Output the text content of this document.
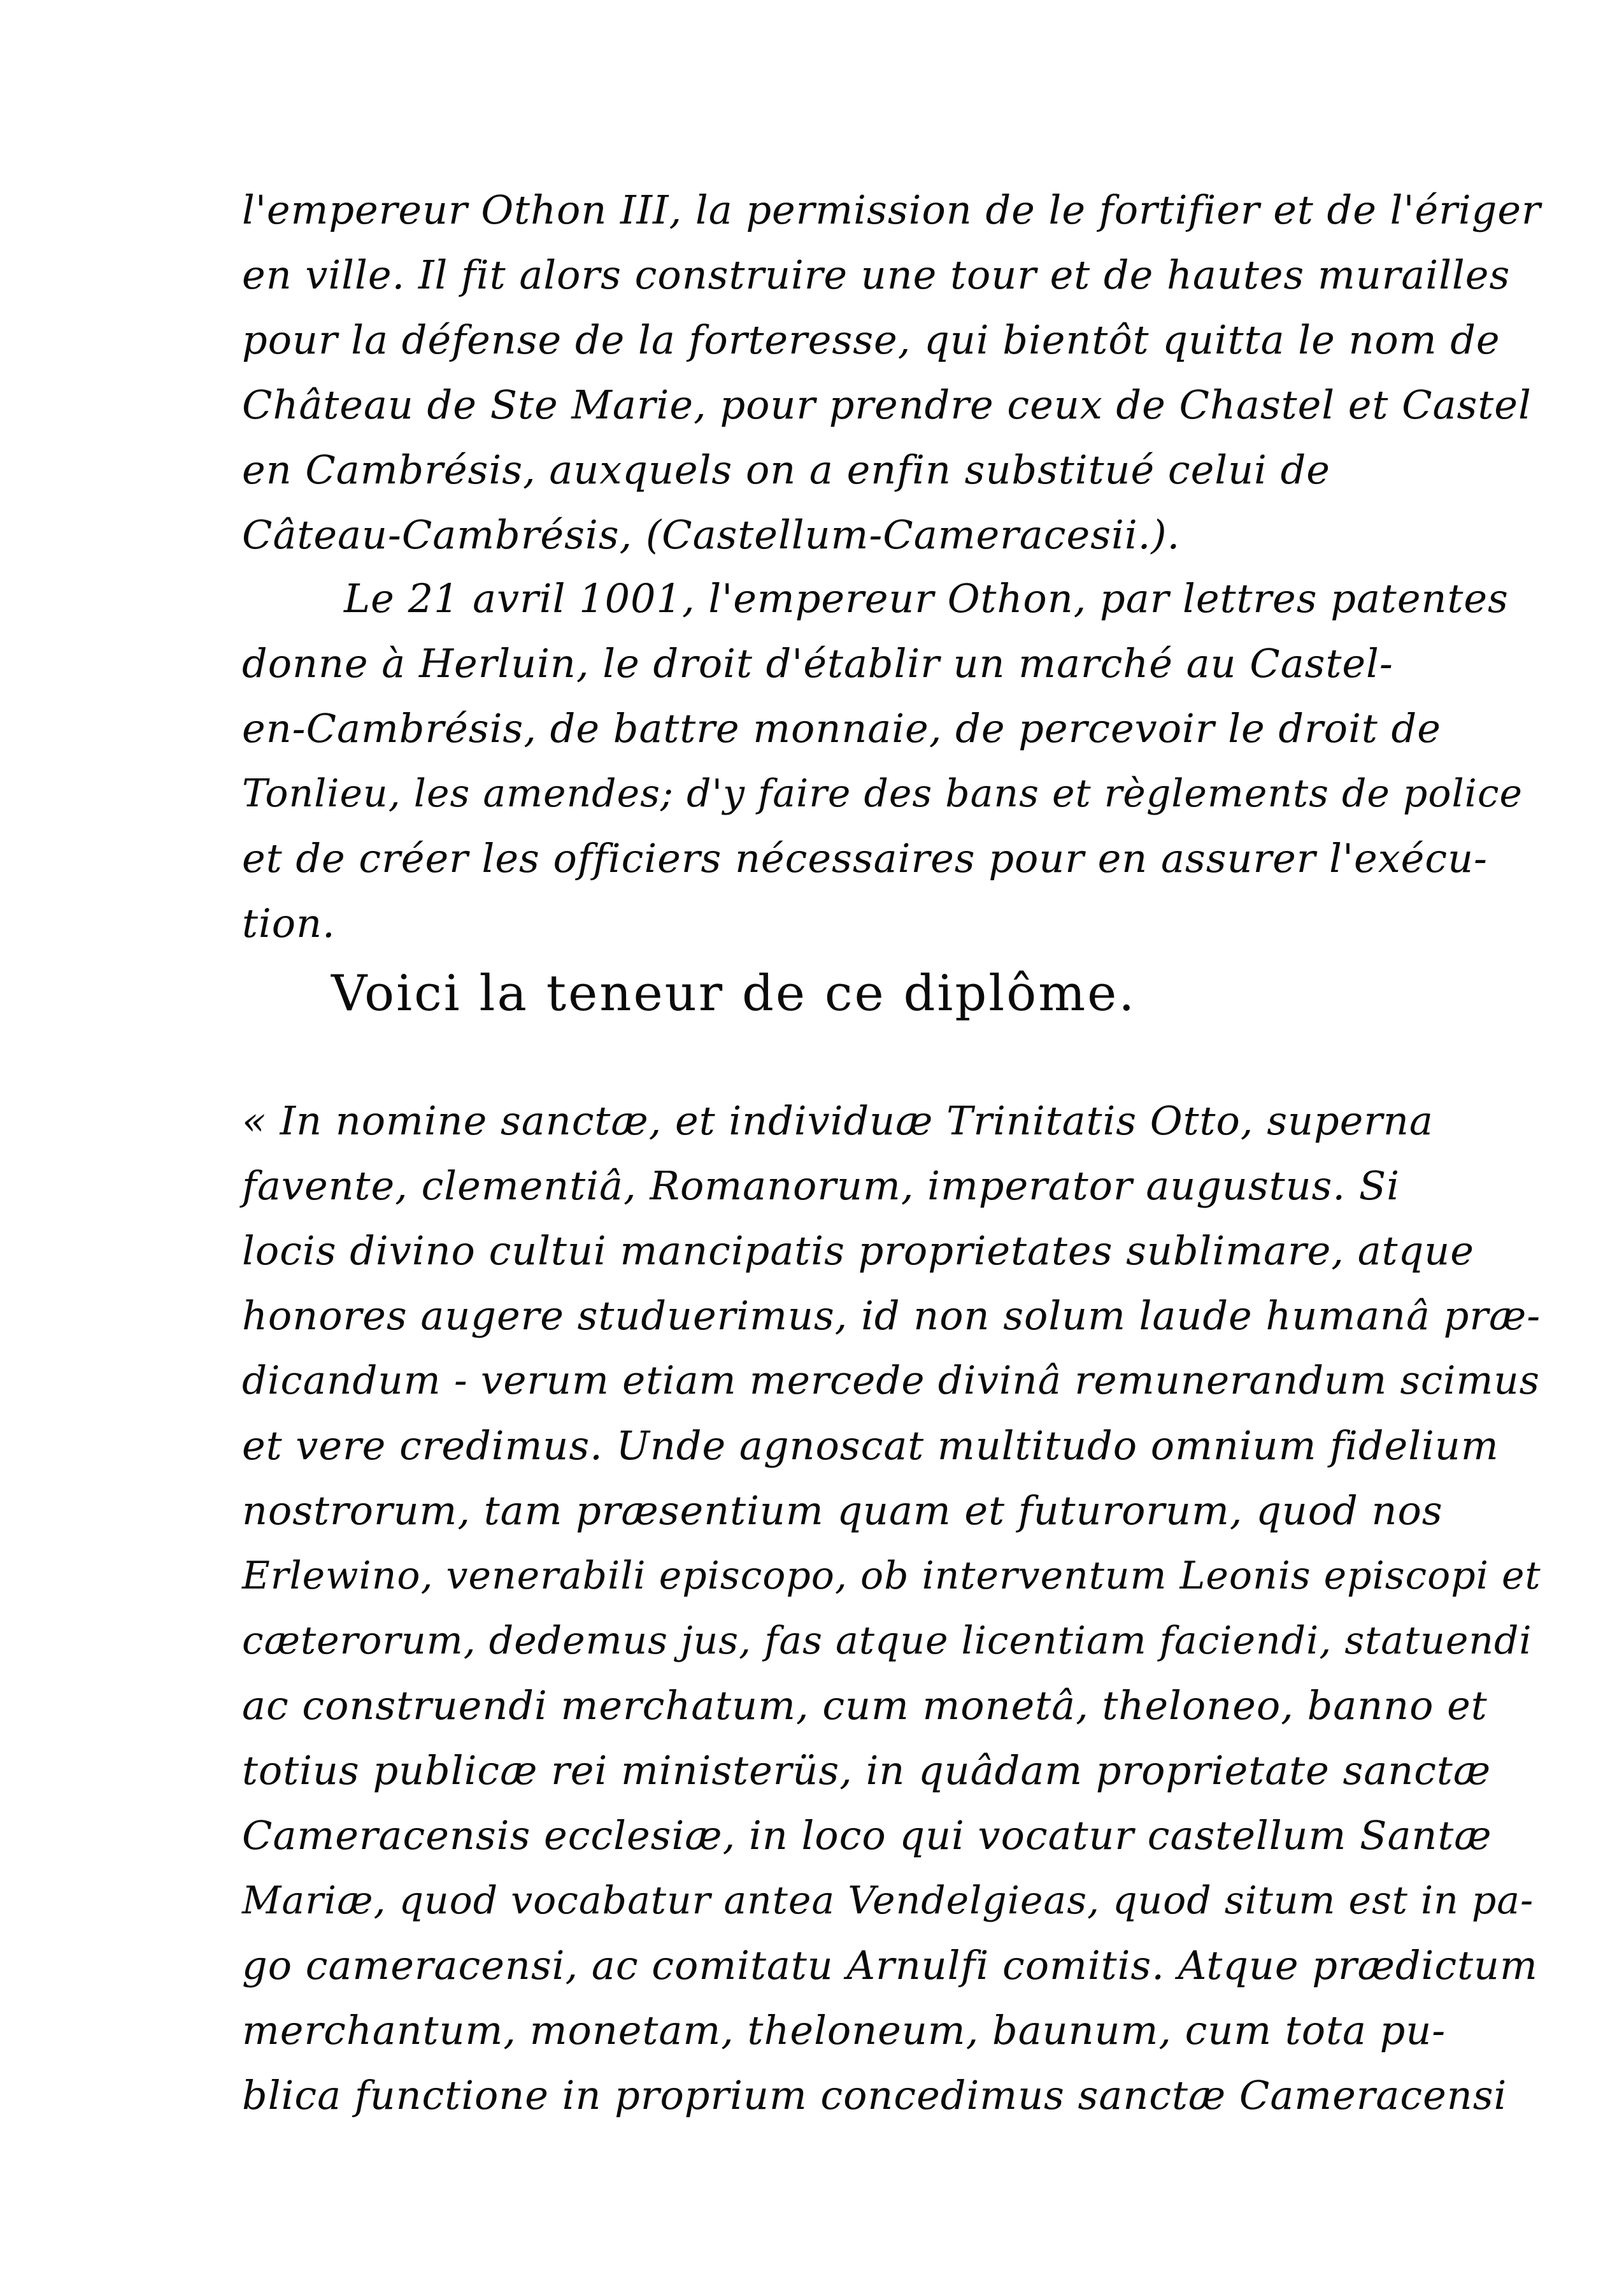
l'empereur Othon III, la permission de le fortifier et de l'ériger
en ville. Il fit alors construire une tour et de hautes murailles
pour la défense de la forteresse, qui bientôt quitta le nom de
Château de Ste Marie, pour prendre ceux de Chastel et Castel
en Cambrésis, auxquels on a enfin substitué celui de
Câteau-Cambrésis, (Castellum-Cameracesii.).
Le 21 avril 1001, l'empereur Othon, par lettres patentes
donne à Herluin, le droit d'établir un marché au Castel-
en-Cambrésis, de battre monnaie, de percevoir le droit de
Tonlieu, les amendes; d'y faire des bans et règlements de police
et de créer les officiers nécessaires pour en assurer l'exécu-
tion.
Voici la teneur de ce diplôme.
« In nomine sanctæ, et individuæ Trinitatis Otto, superna
favente, clementiâ, Romanorum, imperator augustus. Si
locis divino cultui mancipatis proprietates sublimare, atque
honores augere studuerimus, id non solum laude humanâ præ-
dicandum - verum etiam mercede divinâ remunerandum scimus
et vere credimus. Unde agnoscat multitudo omnium fidelium
nostrorum, tam præsentium quam et futurorum, quod nos
Erlewino, venerabili episcopo, ob interventum Leonis episcopi et
cæterorum, dedemus jus, fas atque licentiam faciendi, statuendi
ac construendi merchatum, cum monetâ, theloneo, banno et
totius publicæ rei ministerüs, in quâdam proprietate sanctæ
Cameracensis ecclesiæ, in loco qui vocatur castellum Santæ
Mariæ, quod vocabatur antea Vendelgieas, quod situm est in pa-
go cameracensi, ac comitatu Arnulfi comitis. Atque prædictum
merchantum, monetam, theloneum, baunum, cum tota pu-
blica functione in proprium concedimus sanctæ Cameracensi
